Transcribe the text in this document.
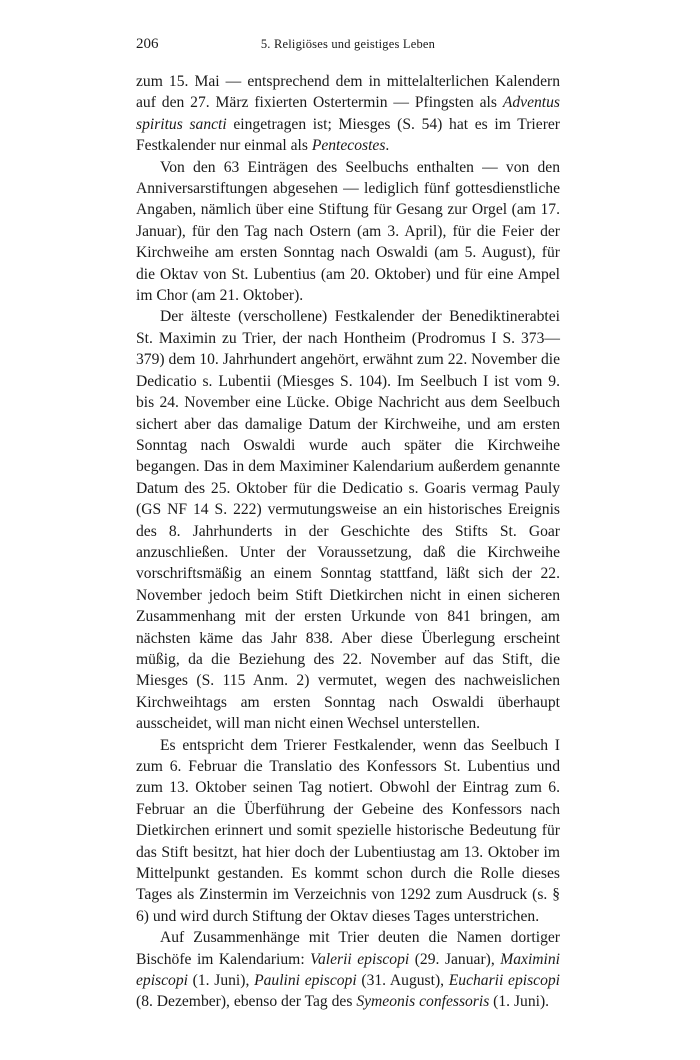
206	5. Religiöses und geistiges Leben

zum 15. Mai — entsprechend dem in mittelalterlichen Kalendern auf den 27. März fixierten Ostertermin — Pfingsten als Adventus spiritus sancti eingetragen ist; Miesges (S. 54) hat es im Trierer Festkalender nur einmal als Pentecostes.

Von den 63 Einträgen des Seelbuchs enthalten — von den Anniversarstiftungen abgesehen — lediglich fünf gottesdienstliche Angaben, nämlich über eine Stiftung für Gesang zur Orgel (am 17. Januar), für den Tag nach Ostern (am 3. April), für die Feier der Kirchweihe am ersten Sonntag nach Oswaldi (am 5. August), für die Oktav von St. Lubentius (am 20. Oktober) und für eine Ampel im Chor (am 21. Oktober).

Der älteste (verschollene) Festkalender der Benediktinerabtei St. Maximin zu Trier, der nach Hontheim (Prodromus I S. 373—379) dem 10. Jahrhundert angehört, erwähnt zum 22. November die Dedicatio s. Lubentii (Miesges S. 104). Im Seelbuch I ist vom 9. bis 24. November eine Lücke. Obige Nachricht aus dem Seelbuch sichert aber das damalige Datum der Kirchweihe, und am ersten Sonntag nach Oswaldi wurde auch später die Kirchweihe begangen. Das in dem Maximiner Kalendarium außerdem genannte Datum des 25. Oktober für die Dedicatio s. Goaris vermag Pauly (GS NF 14 S. 222) vermutungsweise an ein historisches Ereignis des 8. Jahrhunderts in der Geschichte des Stifts St. Goar anzuschließen. Unter der Voraussetzung, daß die Kirchweihe vorschriftsmäßig an einem Sonntag stattfand, läßt sich der 22. November jedoch beim Stift Dietkirchen nicht in einen sicheren Zusammenhang mit der ersten Urkunde von 841 bringen, am nächsten käme das Jahr 838. Aber diese Überlegung erscheint müßig, da die Beziehung des 22. November auf das Stift, die Miesges (S. 115 Anm. 2) vermutet, wegen des nachweislichen Kirchweihtags am ersten Sonntag nach Oswaldi überhaupt ausscheidet, will man nicht einen Wechsel unterstellen.

Es entspricht dem Trierer Festkalender, wenn das Seelbuch I zum 6. Februar die Translatio des Konfessors St. Lubentius und zum 13. Oktober seinen Tag notiert. Obwohl der Eintrag zum 6. Februar an die Überführung der Gebeine des Konfessors nach Dietkirchen erinnert und somit spezielle historische Bedeutung für das Stift besitzt, hat hier doch der Lubentiustag am 13. Oktober im Mittelpunkt gestanden. Es kommt schon durch die Rolle dieses Tages als Zinstermin im Verzeichnis von 1292 zum Ausdruck (s. § 6) und wird durch Stiftung der Oktav dieses Tages unterstrichen.

Auf Zusammenhänge mit Trier deuten die Namen dortiger Bischöfe im Kalendarium: Valerii episcopi (29. Januar), Maximini episcopi (1. Juni), Paulini episcopi (31. August), Eucharii episcopi (8. Dezember), ebenso der Tag des Symeonis confessoris (1. Juni).
